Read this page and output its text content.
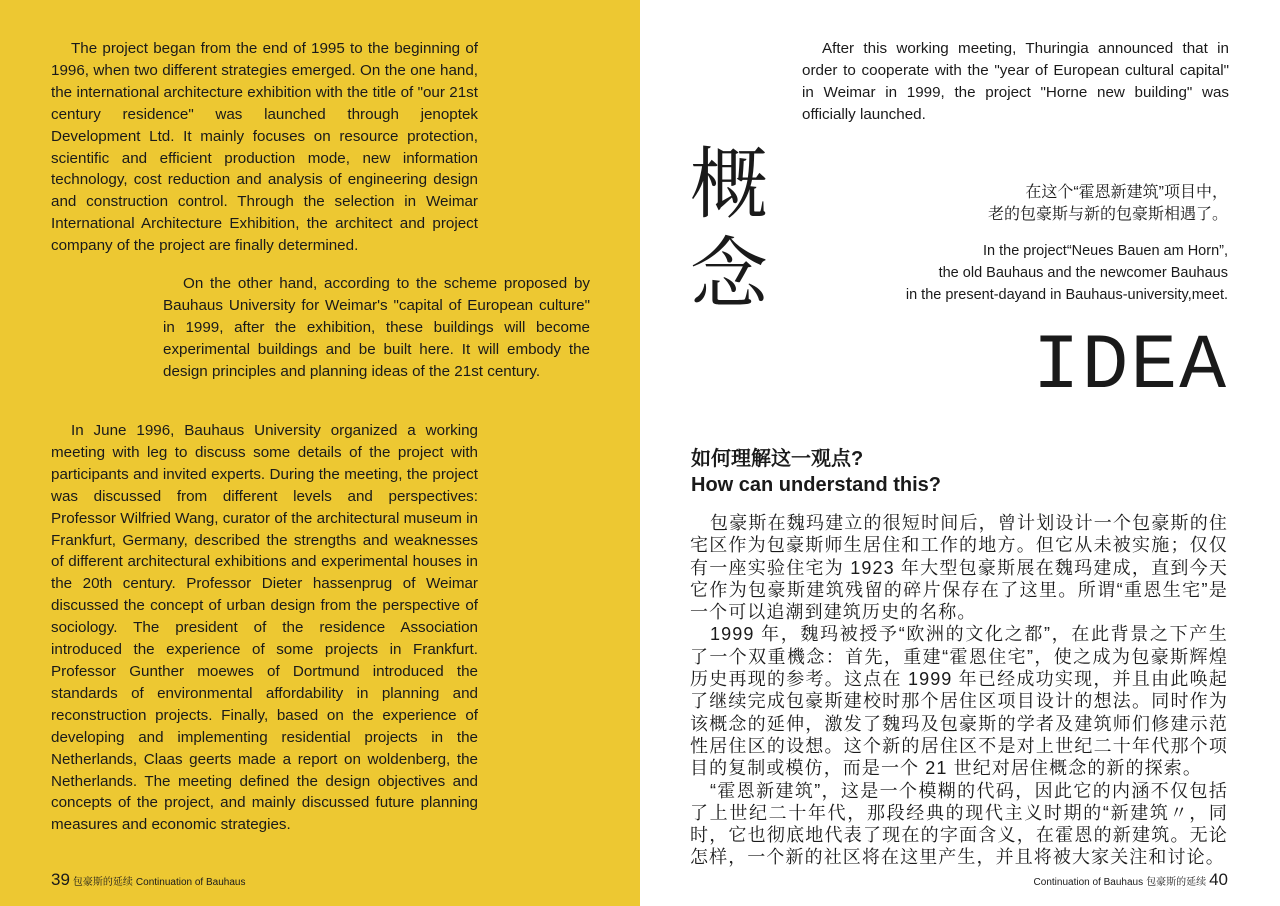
The project began from the end of 1995 to the beginning of 1996, when two different strategies emerged. On the one hand, the international architecture exhibition with the title of "our 21st century residence" was launched through jenoptek Development Ltd. It mainly focuses on resource protection, scientific and efficient production mode, new information technology, cost reduction and analysis of engineering design and construction control. Through the selection in Weimar International Architecture Exhibition, the architect and project company of the project are finally determined.

On the other hand, according to the scheme proposed by Bauhaus University for Weimar's "capital of European culture" in 1999, after the exhibition, these buildings will become experimental buildings and be built here. It will embody the design principles and planning ideas of the 21st century.

In June 1996, Bauhaus University organized a working meeting with leg to discuss some details of the project with participants and invited experts. During the meeting, the project was discussed from different levels and perspectives: Professor Wilfried Wang, curator of the architectural museum in Frankfurt, Germany, described the strengths and weaknesses of different architectural exhibitions and experimental houses in the 20th century. Professor Dieter hassenprug of Weimar discussed the concept of urban design from the perspective of sociology. The president of the residence Association introduced the experience of some projects in Frankfurt. Professor Gunther moewes of Dortmund introduced the standards of environmental affordability in planning and reconstruction projects. Finally, based on the experience of developing and implementing residential projects in the Netherlands, Claas geerts made a report on woldenberg, the Netherlands. The meeting defined the design objectives and concepts of the project, and mainly discussed future planning measures and economic strategies.

39 包豪斯的延续 Continuation of Bauhaus

After this working meeting, Thuringia announced that in order to cooperate with the "year of European cultural capital" in Weimar in 1999, the project "Horne new building" was officially launched.

概
念
在这个“霍恩新建筑”项目中，
老的包豪斯与新的包豪斯相遇了。
In the project“Neues Bauen am Horn”,
the old Bauhaus and the newcomer Bauhaus
in the present-dayand in Bauhaus-university,meet.
IDEA
如何理解这一观点?
How can understand this?

包豪斯在魏玛建立的很短时间后，曾计划设计一个包豪斯的住宅区作为包豪斯师生居住和工作的地方。但它从未被实施；仅仅有一座实验住宅为 1923 年大型包豪斯展在魏玛建成，直到今天它作为包豪斯建筑残留的碎片保存在了这里。所谓“重恩生宅”是一个可以追潮到建筑历史的名称。

1999 年，魏玛被授予“欧洲的文化之都”，在此背景之下产生了一个双重機念：首先，重建“霍恩住宅”，使之成为包豪斯辉煌历史再现的参考。这点在 1999 年已经成功实现，并且由此唤起了继续完成包豪斯建校时那个居住区项目设计的想法。同时作为该概念的延伸，激发了魏玛及包豪斯的学者及建筑师们修建示范性居住区的设想。这个新的居住区不是对上世纪二十年代那个项目的复制或模仿，而是一个 21 世纪对居住概念的新的探索。

“霍恩新建筑”，这是一个模糊的代码，因此它的内涵不仅包括了上世纪二十年代，那段经典的现代主义时期的“新建筑〃，同时，它也彻底地代表了现在的字面含义，在霍恩的新建筑。无论怎样，一个新的社区将在这里产生，并且将被大家关注和讨论。

Continuation of Bauhaus 包豪斯的延续 40
